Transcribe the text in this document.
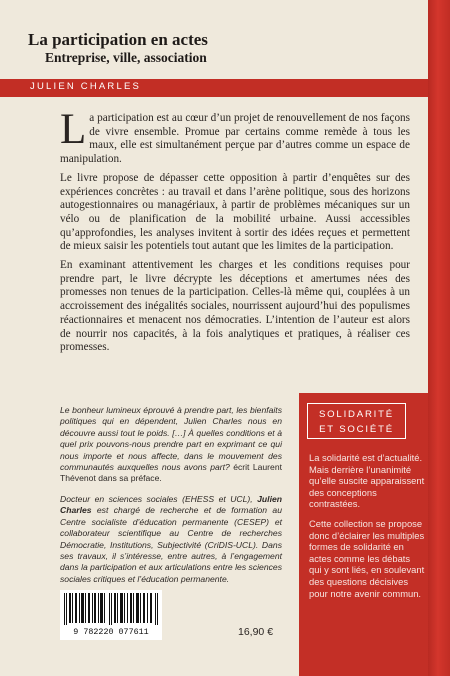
La participation en actes
Entreprise, ville, association
JULIEN CHARLES

La participation est au cœur d’un projet de renouvellement de nos façons de vivre ensemble. Promue par certains comme remède à tous les maux, elle est simultanément perçue par d’autres comme un espace de manipulation.

Le livre propose de dépasser cette opposition à partir d’enquêtes sur des expériences concrètes : au travail et dans l’arène politique, sous des horizons autogestionnaires ou managériaux, à partir de problèmes mécaniques sur un vélo ou de planification de la mobilité urbaine. Aussi accessibles qu’approfondies, les analyses invitent à sortir des idées reçues et permettent de mieux saisir les potentiels tout autant que les limites de la participation.

En examinant attentivement les charges et les conditions requises pour prendre part, le livre décrypte les déceptions et amertumes nées des promesses non tenues de la participation. Celles-là même qui, couplées à un accroissement des inégalités sociales, nourrissent aujourd’hui des populismes réactionnaires et menacent nos démocraties. L’intention de l’auteur est alors de nourrir nos capacités, à la fois analytiques et pratiques, à réaliser ces promesses.

Le bonheur lumineux éprouvé à prendre part, les bienfaits politiques qui en dépendent, Julien Charles nous en découvre aussi tout le poids. […] À quelles conditions et à quel prix pouvons-nous prendre part en exprimant ce qui nous importe et nous affecte, dans le mouvement des communautés auxquelles nous avons part? écrit Laurent Thévenot dans sa préface.
Docteur en sciences sociales (EHESS et UCL), Julien Charles est chargé de recherche et de formation au Centre socialiste d’éducation permanente (CESEP) et collaborateur scientifique au Centre de recherches Démocratie, Institutions, Subjectivité (CriDIS-UCL). Dans ses travaux, il s’intéresse, entre autres, à l’engagement dans la participation et aux articulations entre les sciences sociales critiques et l’éducation permanente.
9 782220 077611	16,90 €
SOLIDARITÉ
ET SOCIÉTÉ

La solidarité est d’actualité. Mais derrière l’unanimité qu’elle suscite apparaissent des conceptions contrastées.

Cette collection se propose donc d’éclairer les multiples formes de solidarité en actes comme les débats qui y sont liés, en soulevant des questions décisives pour notre avenir commun.
